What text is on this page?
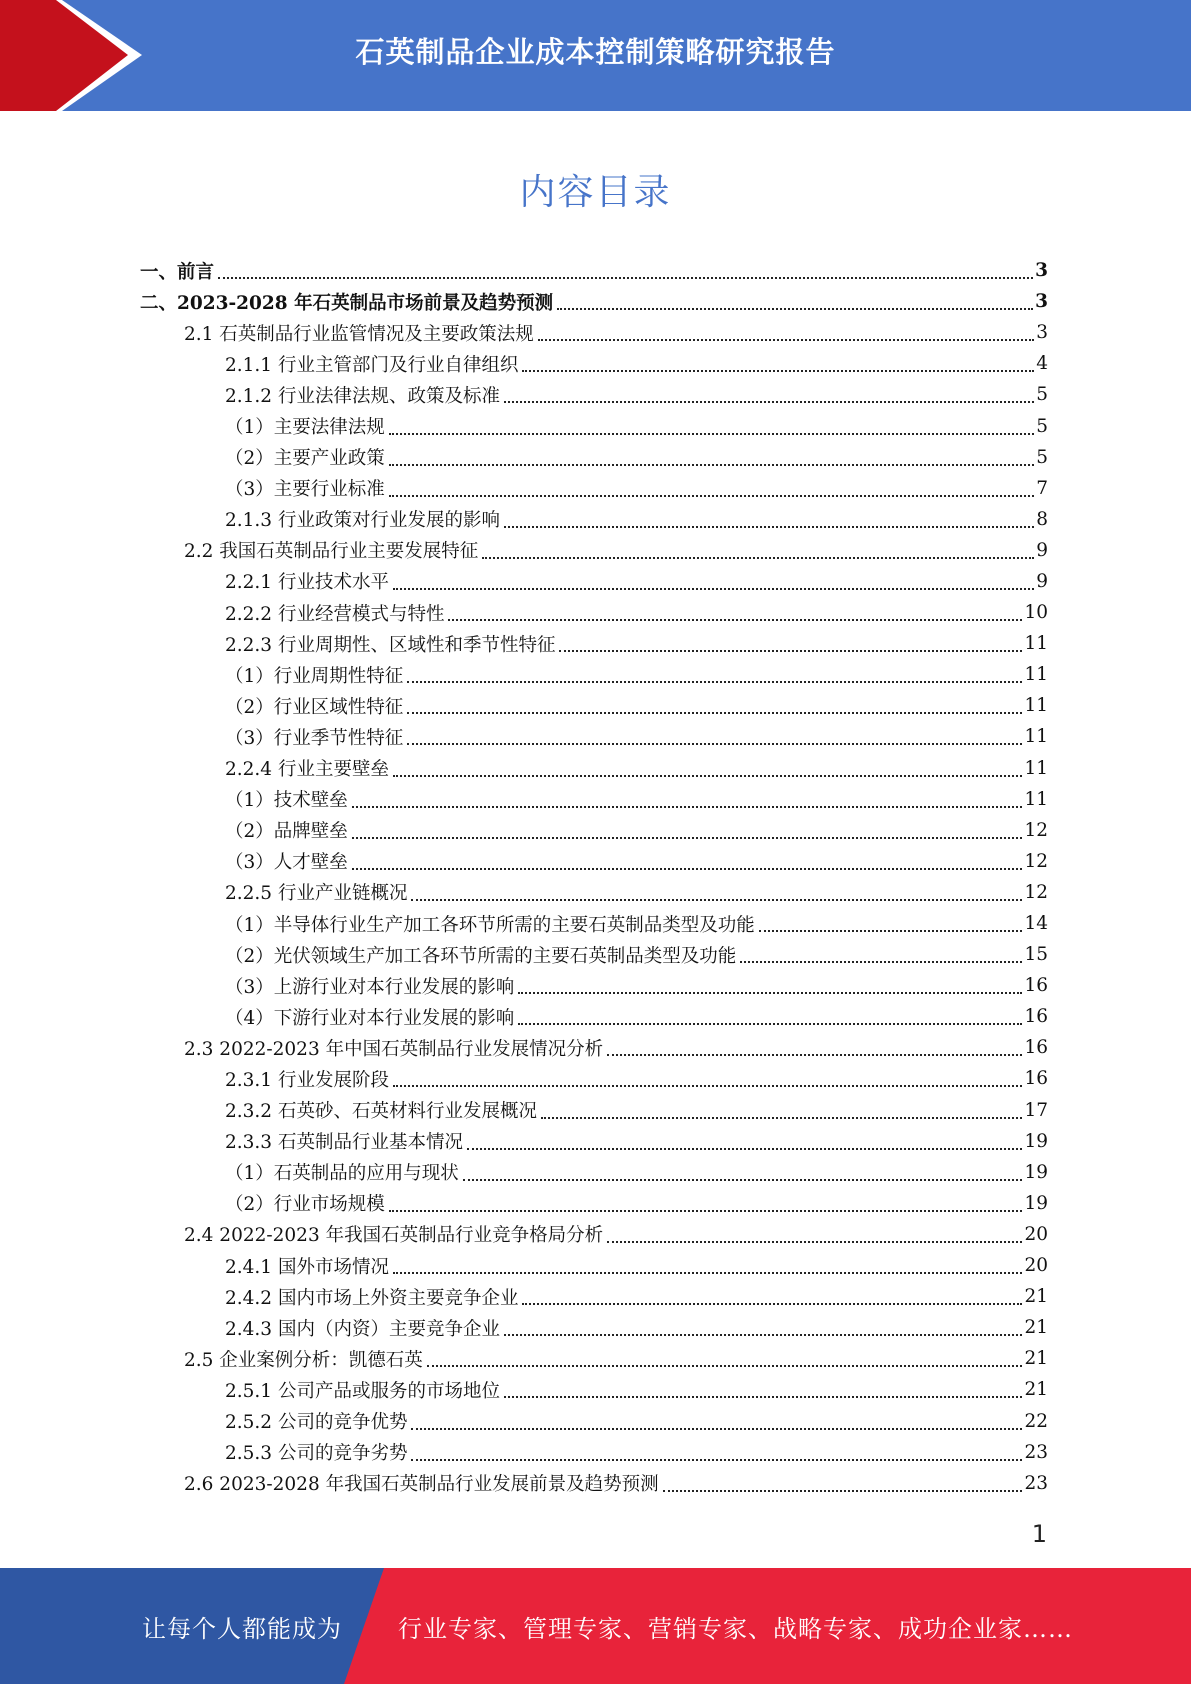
石英制品企业成本控制策略研究报告
内容目录
一、前言	3
二、2023-2028 年石英制品市场前景及趋势预测	3
2.1 石英制品行业监管情况及主要政策法规	3
2.1.1 行业主管部门及行业自律组织	4
2.1.2 行业法律法规、政策及标准	5
（1）主要法律法规	5
（2）主要产业政策	5
（3）主要行业标准	7
2.1.3 行业政策对行业发展的影响	8
2.2 我国石英制品行业主要发展特征	9
2.2.1 行业技术水平	9
2.2.2 行业经营模式与特性	10
2.2.3 行业周期性、区域性和季节性特征	11
（1）行业周期性特征	11
（2）行业区域性特征	11
（3）行业季节性特征	11
2.2.4 行业主要壁垒	11
（1）技术壁垒	11
（2）品牌壁垒	12
（3）人才壁垒	12
2.2.5 行业产业链概况	12
（1）半导体行业生产加工各环节所需的主要石英制品类型及功能	14
（2）光伏领域生产加工各环节所需的主要石英制品类型及功能	15
（3）上游行业对本行业发展的影响	16
（4）下游行业对本行业发展的影响	16
2.3 2022-2023 年中国石英制品行业发展情况分析	16
2.3.1 行业发展阶段	16
2.3.2 石英砂、石英材料行业发展概况	17
2.3.3 石英制品行业基本情况	19
（1）石英制品的应用与现状	19
（2）行业市场规模	19
2.4 2022-2023 年我国石英制品行业竞争格局分析	20
2.4.1 国外市场情况	20
2.4.2 国内市场上外资主要竞争企业	21
2.4.3 国内（内资）主要竞争企业	21
2.5 企业案例分析：凯德石英	21
2.5.1 公司产品或服务的市场地位	21
2.5.2 公司的竞争优势	22
2.5.3 公司的竞争劣势	23
2.6 2023-2028 年我国石英制品行业发展前景及趋势预测	23
1
让每个人都能成为 行业专家、管理专家、营销专家、战略专家、成功企业家……
